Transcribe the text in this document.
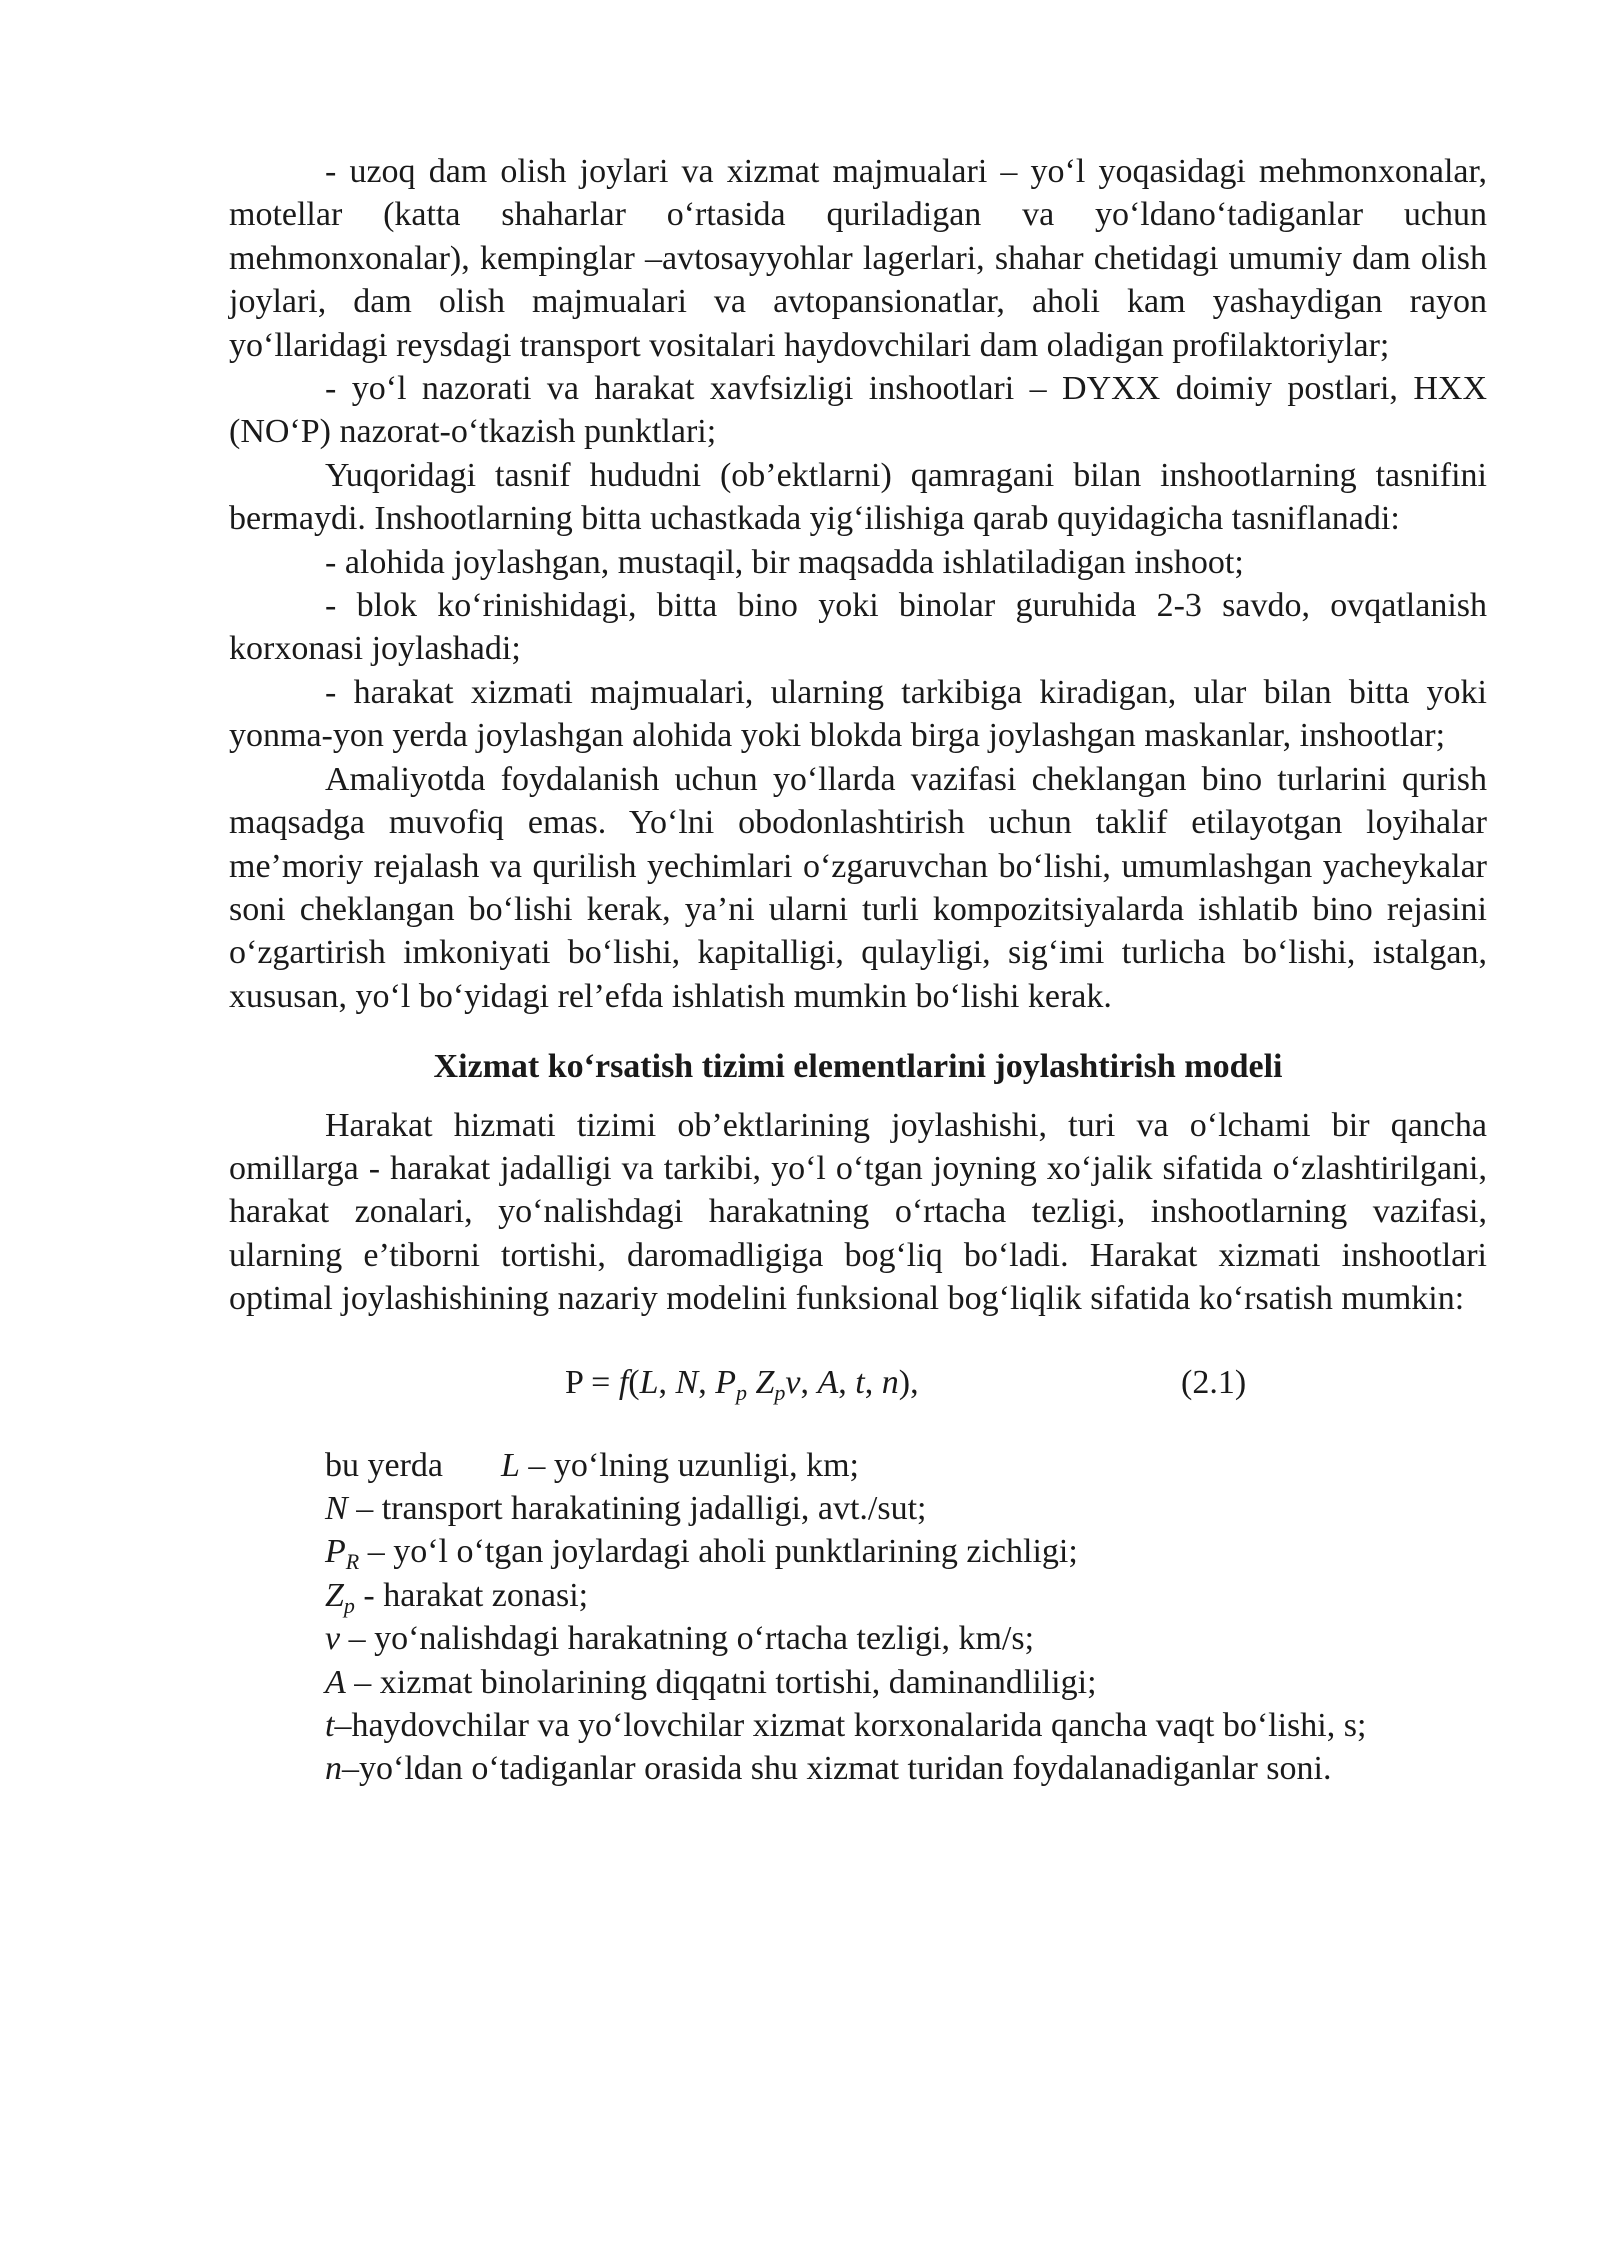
- uzoq dam olish joylari va xizmat majmualari – yo‘l yoqasidagi mehmonxonalar, motellar (katta shaharlar o‘rtasida quriladigan va yo‘ldano‘tadiganlar uchun mehmonxonalar), kempinglar –avtosayyohlar lagerlari, shahar chetidagi umumiy dam olish joylari, dam olish majmualari va avtopansionatlar, aholi kam yashaydigan rayon yo‘llaridagi reysdagi transport vositalari haydovchilari dam oladigan profilaktoriylar;

- yo‘l nazorati va harakat xavfsizligi inshootlari – DYXX doimiy postlari, HXX (NO‘P) nazorat-o‘tkazish punktlari;

Yuqoridagi tasnif hududni (ob’ektlarni) qamragani bilan inshootlarning tasnifini bermaydi. Inshootlarning bitta uchastkada yig‘ilishiga qarab quyidagicha tasniflanadi:

- alohida joylashgan, mustaqil, bir maqsadda ishlatiladigan inshoot;

- blok ko‘rinishidagi, bitta bino yoki binolar guruhida 2-3 savdo, ovqatlanish korxonasi joylashadi;

- harakat xizmati majmualari, ularning tarkibiga kiradigan, ular bilan bitta yoki yonma-yon yerda joylashgan alohida yoki blokda birga joylashgan maskanlar, inshootlar;

Amaliyotda foydalanish uchun yo‘llarda vazifasi cheklangan bino turlarini qurish maqsadga muvofiq emas. Yo‘lni obodonlashtirish uchun taklif etilayotgan loyihalar me’moriy rejalash va qurilish yechimlari o‘zgaruvchan bo‘lishi, umumlashgan yacheykalar soni cheklangan bo‘lishi kerak, ya’ni ularni turli kompozitsiyalarda ishlatib bino rejasini o‘zgartirish imkoniyati bo‘lishi, kapitalligi, qulayligi, sig‘imi turlicha bo‘lishi, istalgan, xususan, yo‘l bo‘yidagi rel’efda ishlatish mumkin bo‘lishi kerak.

Xizmat ko‘rsatish tizimi elementlarini joylashtirish modeli

Harakat hizmati tizimi ob’ektlarining joylashishi, turi va o‘lchami bir qancha omillarga - harakat jadalligi va tarkibi, yo‘l o‘tgan joyning xo‘jalik sifatida o‘zlashtirilgani, harakat zonalari, yo‘nalishdagi harakatning o‘rtacha tezligi, inshootlarning vazifasi, ularning e’tiborni tortishi, daromadligiga bog‘liq bo‘ladi. Harakat xizmati inshootlari optimal joylashishining nazariy modelini funksional bog‘liqlik sifatida ko‘rsatish mumkin:

P = f(L, N, $P_p$ $Z_pv$, A, t, n),	(2.1)

bu yerda L – yo‘lning uzunligi, km;

N – transport harakatining jadalligi, avt./sut;

$P_R$ – yo‘l o‘tgan joylardagi aholi punktlarining zichligi;

$Z_p$ - harakat zonasi;

v – yo‘nalishdagi harakatning o‘rtacha tezligi, km/s;

A – xizmat binolarining diqqatni tortishi, daminandliligi;

t–haydovchilar va yo‘lovchilar xizmat korxonalarida qancha vaqt bo‘lishi, s;

n–yo‘ldan o‘tadiganlar orasida shu xizmat turidan foydalanadiganlar soni.
